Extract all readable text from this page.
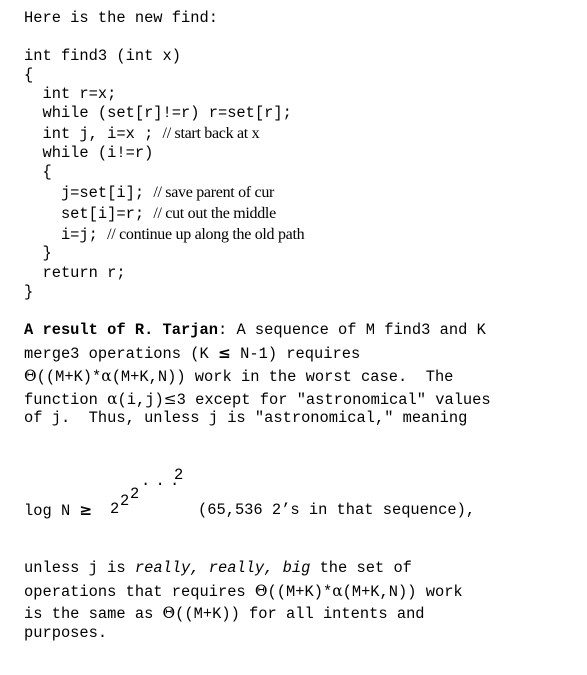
Here is the new find:
int find3 (int x)
{
int r=x;
while (set[r]!=r) r=set[r];
int j, i=x ; // start back at x
while (i!=r)
{
j=set[i]; // save parent of cur
set[i]=r; // cut out the middle
i=j; // continue up along the old path
}
return r;
}
A result of R. Tarjan: A sequence of M find3 and K
merge3 operations (K ≤ N-1) requires
Θ((M+K)*α(M+K,N)) work in the worst case.  The
function α(i,j)≤3 except for "astronomical" values
of j.  Thus, unless j is "astronomical," meaning
log N ≥ 2 2 2
. . .
2
(65,536 2’s in that sequence),
unless j is really, really, big the set of
operations that requires Θ((M+K)*α(M+K,N)) work
is the same as Θ((M+K)) for all intents and
purposes.
